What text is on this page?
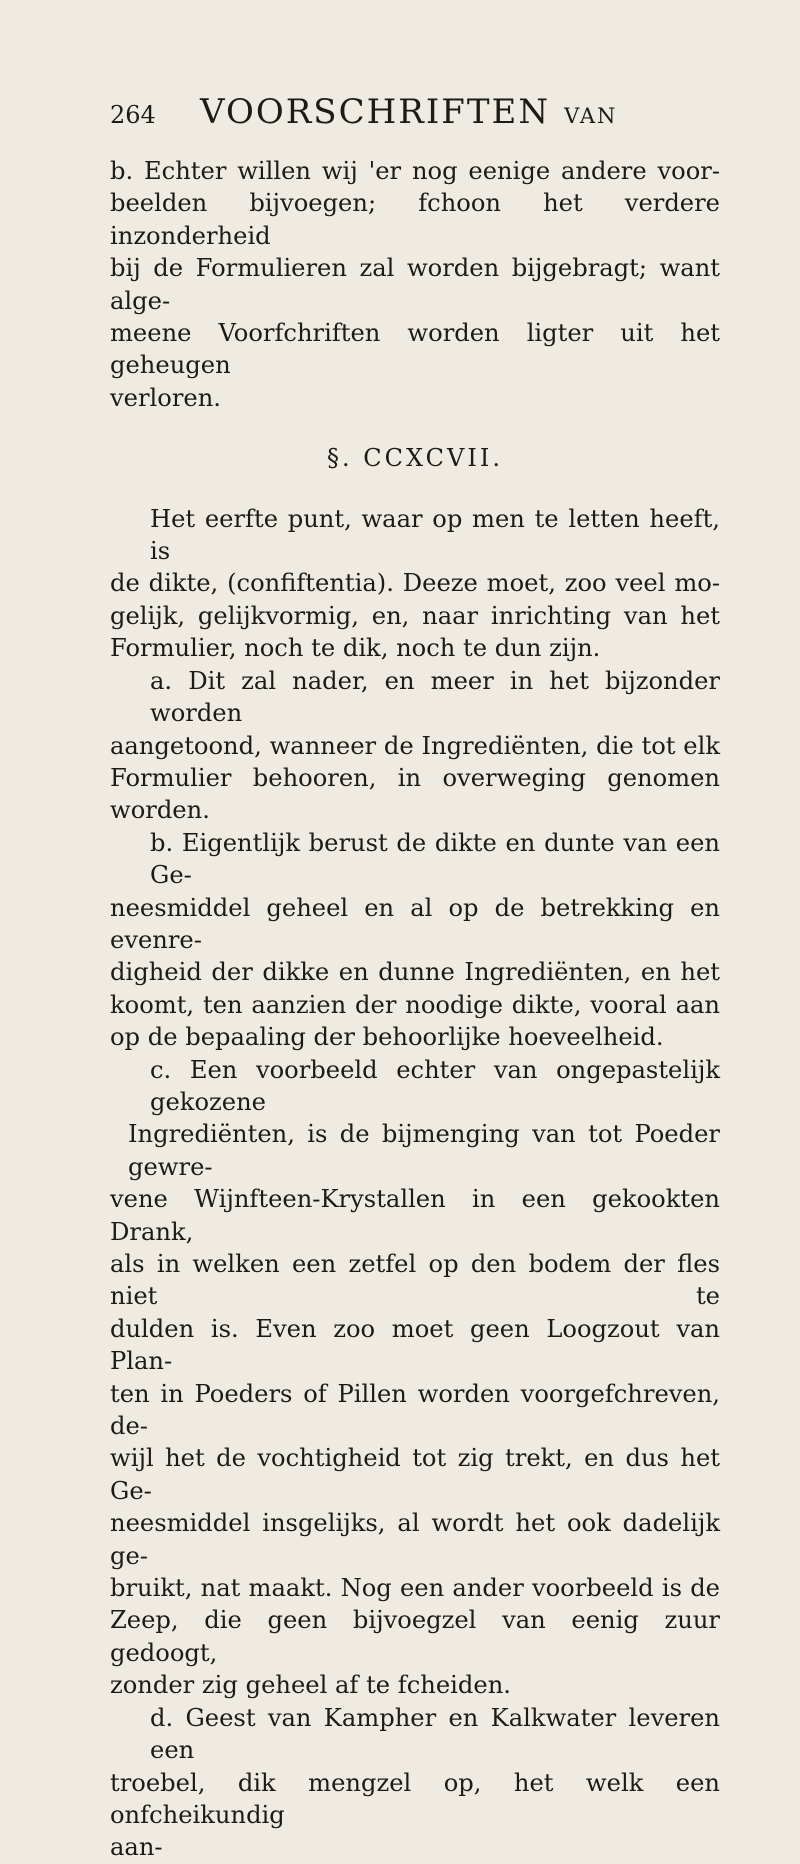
264	VOORSCHRIFTEN VAN

b. Echter willen wij 'er nog eenige andere voor-

beelden bijvoegen; fchoon het verdere inzonderheid

bij de Formulieren zal worden bijgebragt; want alge-

meene Voorfchriften worden ligter uit het geheugen

verloren.

§. CCXCVII.

Het eerfte punt, waar op men te letten heeft, is

de dikte, (confiftentia). Deeze moet, zoo veel mo-

gelijk, gelijkvormig, en, naar inrichting van het

Formulier, noch te dik, noch te dun zijn.

a. Dit zal nader, en meer in het bijzonder worden

aangetoond, wanneer de Ingrediënten, die tot elk

Formulier behooren, in overweging genomen worden.

b. Eigentlijk berust de dikte en dunte van een Ge-

neesmiddel geheel en al op de betrekking en evenre-

digheid der dikke en dunne Ingrediënten, en het

koomt, ten aanzien der noodige dikte, vooral aan

op de bepaaling der behoorlijke hoeveelheid.

c. Een voorbeeld echter van ongepastelijk gekozene

Ingrediënten, is de bijmenging van tot Poeder gewre-

vene Wijnfteen-Krystallen in een gekookten Drank,

als in welken een zetfel op den bodem der fles niet te

dulden is. Even zoo moet geen Loogzout van Plan-

ten in Poeders of Pillen worden voorgefchreven, de-

wijl het de vochtigheid tot zig trekt, en dus het Ge-

neesmiddel insgelijks, al wordt het ook dadelijk ge-

bruikt, nat maakt. Nog een ander voorbeeld is de

Zeep, die geen bijvoegzel van eenig zuur gedoogt,

zonder zig geheel af te fcheiden.

d. Geest van Kampher en Kalkwater leveren een

troebel, dik mengzel op, het welk een onfcheikundig

aan-
